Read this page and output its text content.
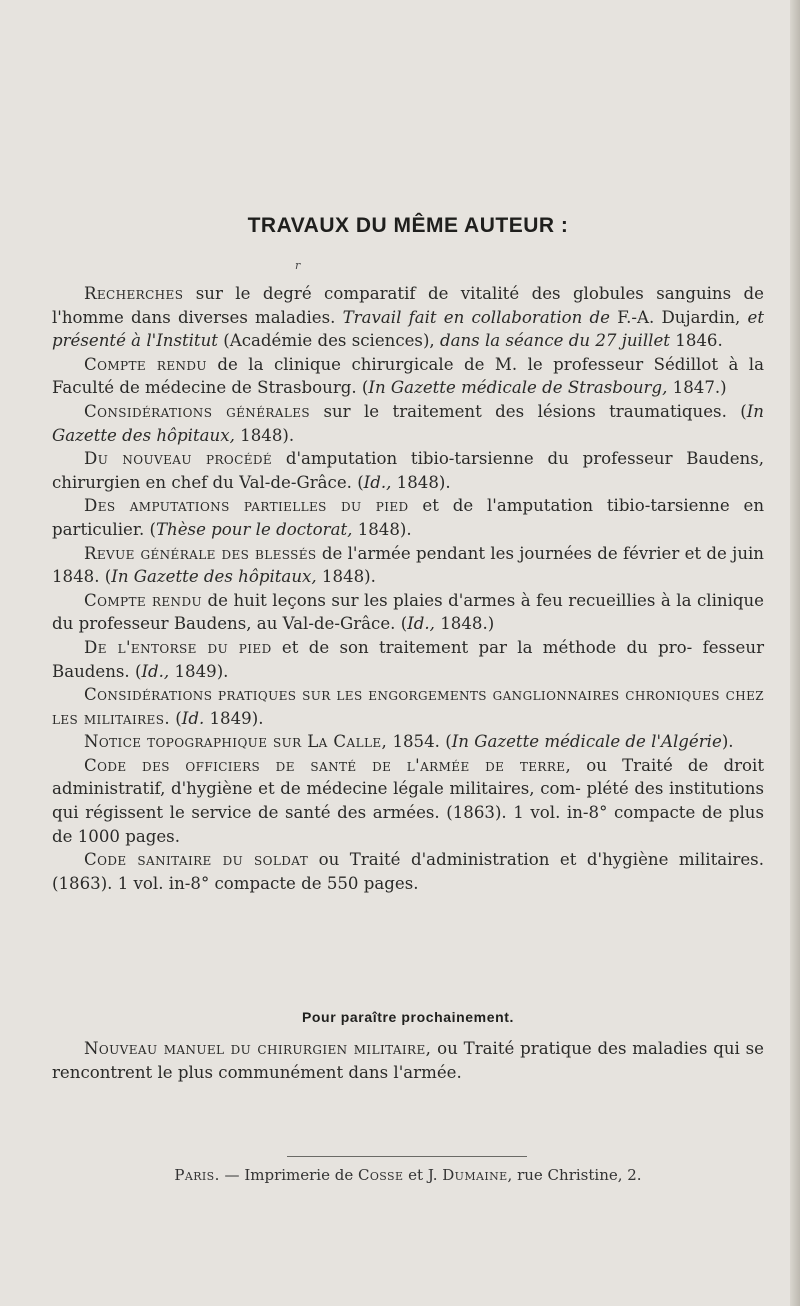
TRAVAUX DU MÊME AUTEUR :
r

Recherches sur le degré comparatif de vitalité des globules sanguins de l'homme dans diverses maladies. Travail fait en collaboration de F.-A. Dujardin, et présenté à l'Institut (Académie des sciences), dans la séance du 27 juillet 1846.

Compte rendu de la clinique chirurgicale de M. le professeur Sédillot à la Faculté de médecine de Strasbourg. (In Gazette médicale de Strasbourg, 1847.)

Considérations générales sur le traitement des lésions traumatiques. (In Gazette des hôpitaux, 1848).

Du nouveau procédé d'amputation tibio-tarsienne du professeur Baudens, chirurgien en chef du Val-de-Grâce. (Id., 1848).

Des amputations partielles du pied et de l'amputation tibio-tarsienne en particulier. (Thèse pour le doctorat, 1848).

Revue générale des blessés de l'armée pendant les journées de février et de juin 1848. (In Gazette des hôpitaux, 1848).

Compte rendu de huit leçons sur les plaies d'armes à feu recueillies à la clinique du professeur Baudens, au Val-de-Grâce. (Id., 1848.)

De l'entorse du pied et de son traitement par la méthode du pro- fesseur Baudens. (Id., 1849).

Considérations pratiques sur les engorgements ganglionnaires chroniques chez les militaires. (Id. 1849).

Notice topographique sur La Calle, 1854. (In Gazette médicale de l'Algérie).

Code des officiers de santé de l'armée de terre, ou Traité de droit administratif, d'hygiène et de médecine légale militaires, com- plété des institutions qui régissent le service de santé des armées. (1863). 1 vol. in-8° compacte de plus de 1000 pages.

Code sanitaire du soldat ou Traité d'administration et d'hygiène militaires. (1863). 1 vol. in-8° compacte de 550 pages.

Pour paraître prochainement.

Nouveau manuel du chirurgien militaire, ou Traité pratique des maladies qui se rencontrent le plus communément dans l'armée.

Paris. — Imprimerie de Cosse et J. Dumaine, rue Christine, 2.
